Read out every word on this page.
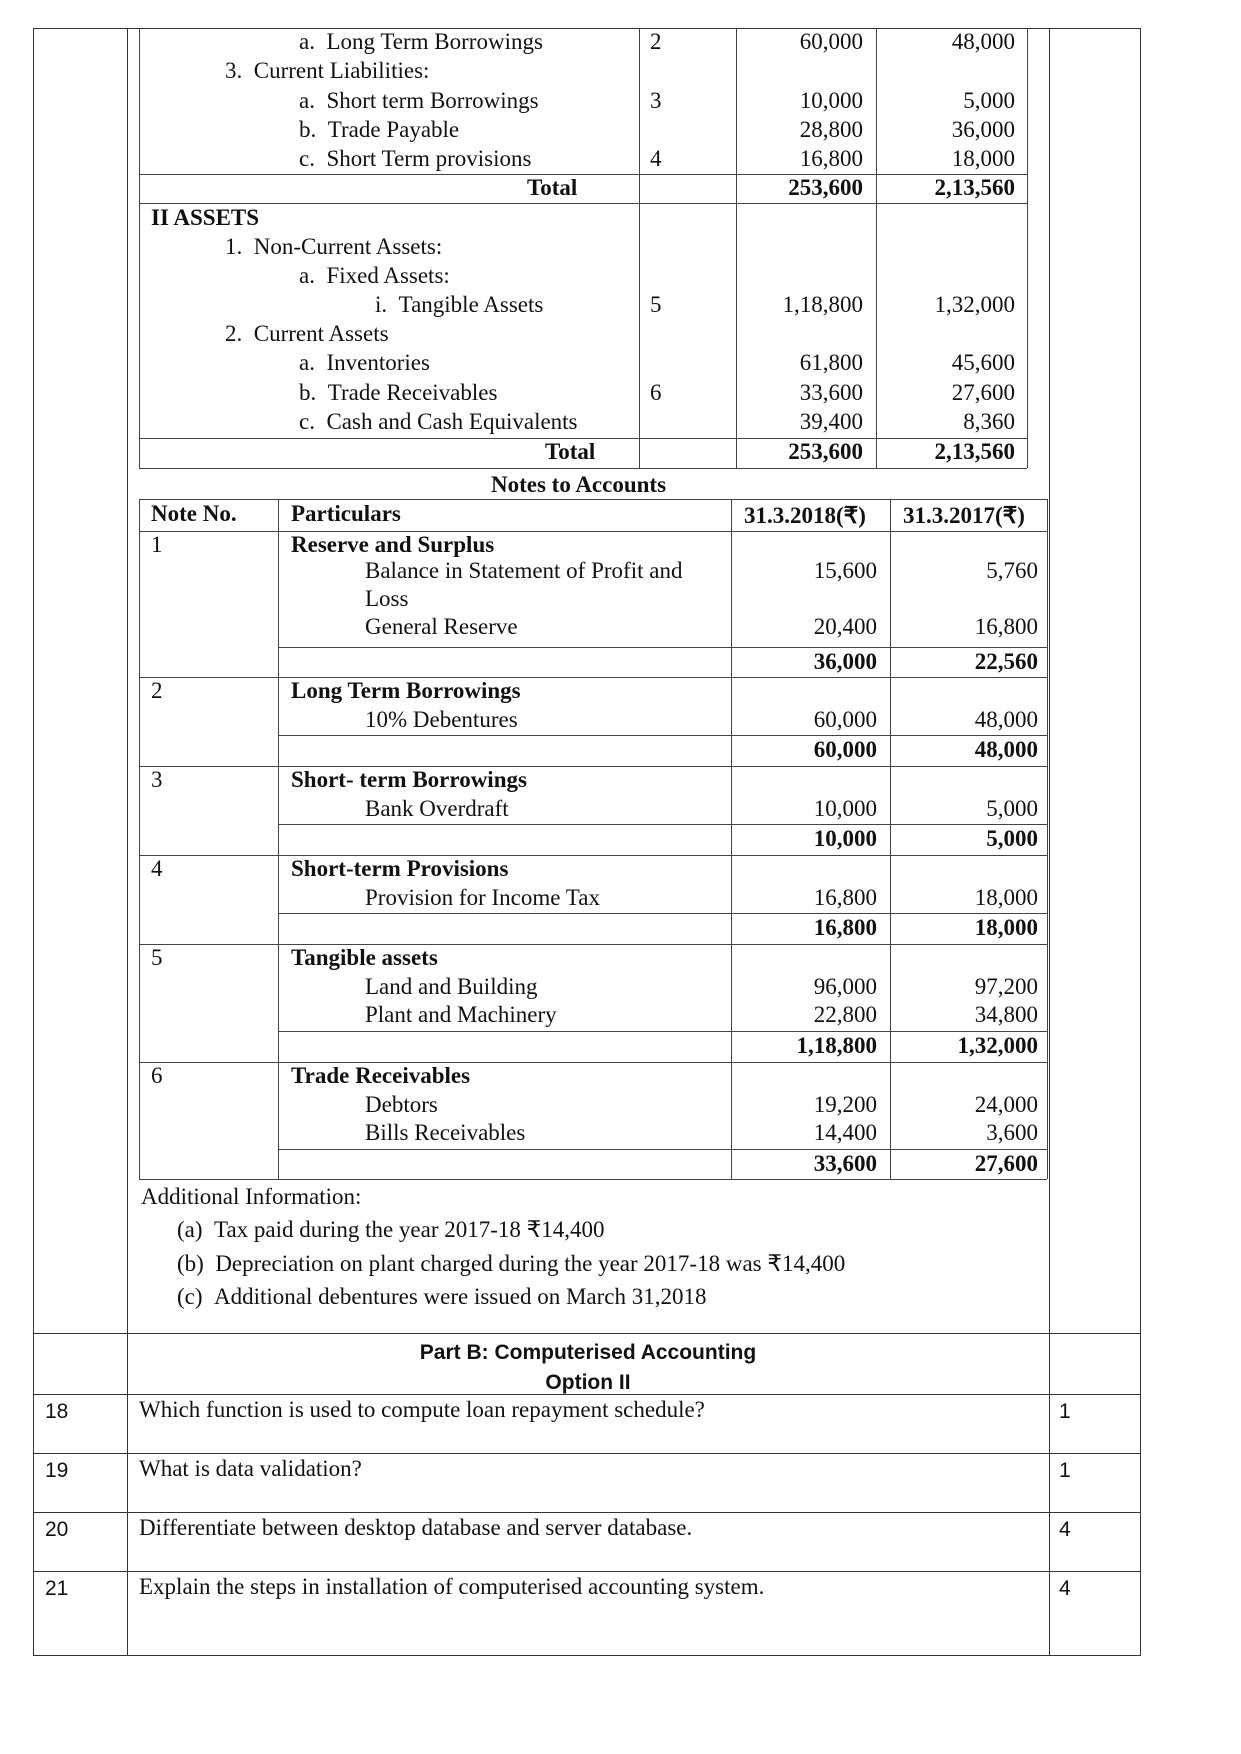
a.  Long Term Borrowings	2	60,000	48,000
3.  Current Liabilities:
a.  Short term Borrowings	3	10,000	5,000
b.  Trade Payable	28,800	36,000
c.  Short Term provisions	4	16,800	18,000
Total	253,600	2,13,560
II ASSETS
1.  Non-Current Assets:
a.  Fixed Assets:
i.  Tangible Assets	5	1,18,800	1,32,000
2.  Current Assets
a.  Inventories	61,800	45,600
b.  Trade Receivables	6	33,600	27,600
c.  Cash and Cash Equivalents	39,400	8,360
Total	253,600	2,13,560
Notes to Accounts
Note No. Particulars	31.3.2018(₹) 31.3.2017(₹)
1	Reserve and Surplus
Balance in Statement of Profit and	15,600	5,760
Loss
General Reserve	20,400	16,800
36,000	22,560
2	Long Term Borrowings
10% Debentures	60,000	48,000
60,000	48,000
3	Short- term Borrowings
Bank Overdraft	10,000	5,000
10,000	5,000
4	Short-term Provisions
Provision for Income Tax	16,800	18,000
16,800	18,000
5	Tangible assets
Land and Building	96,000	97,200
Plant and Machinery	22,800	34,800
1,18,800	1,32,000
6	Trade Receivables
Debtors	19,200	24,000
Bills Receivables	14,400	3,600
33,600	27,600
Additional Information:
(a)  Tax paid during the year 2017-18 ₹14,400
(b)  Depreciation on plant charged during the year 2017-18 was ₹14,400
(c)  Additional debentures were issued on March 31,2018
Part B: Computerised Accounting
Option II
18	Which function is used to compute loan repayment schedule?	1
19	What is data validation?	1
20	Differentiate between desktop database and server database.	4
21	Explain the steps in installation of computerised accounting system.	4
